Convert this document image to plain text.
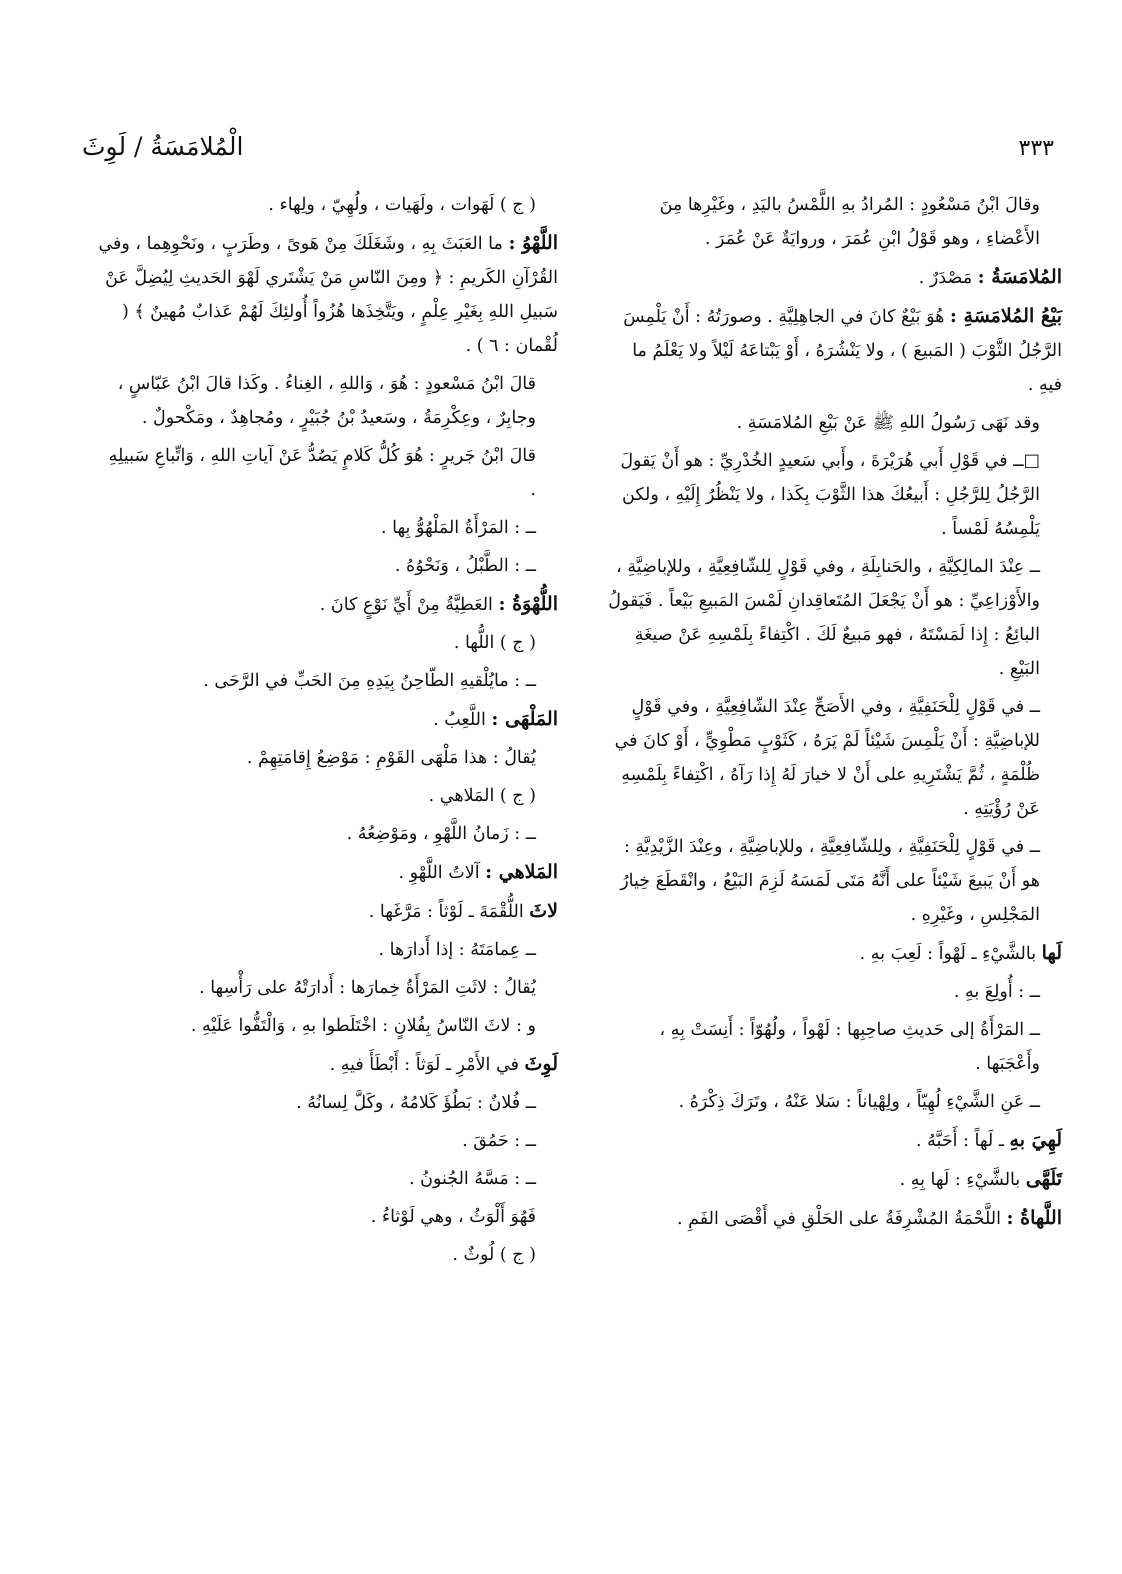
٣٣٣
الْمُلامَسَةُ / لَوِثَ
وقالَ ابْنُ مَسْعُودٍ : المُرادُ بهِ اللَّمْسُ باليَدِ ، وغَيْرِها مِنَ الأَعْضاءِ ، وهو قَوْلُ ابْنِ عُمَرَ ، وروايَةٌ عَنْ عُمَرَ .
المُلامَسَةُ : مَصْدَرٌ .
بَيْعُ المُلامَسَةِ : هُوَ بَيْعٌ كانَ في الجاهِلِيَّةِ . وصورَتُهُ : أَنْ يَلْمِسَ الرَّجُلُ الثَّوْبَ ( المَبيعَ ) ، ولا يَنْشُرَهُ ، أَوْ يَبْتاعَهُ لَيْلاً ولا يَعْلَمُ ما فيهِ .
وقد نَهَى رَسُولُ اللهِ ﷺ عَنْ بَيْعِ المُلامَسَةِ .
□ــ في قَوْلِ أَبي هُرَيْرَةَ ، وأَبي سَعيدٍ الخُدْرِيِّ : هو أَنْ يَقولَ الرَّجُلُ لِلرَّجُلِ : أَبيعُكَ هذا الثَّوْبَ بِكَذا ، ولا يَنْظُرُ إِلَيْهِ ، ولكن يَلْمِسُهُ لَمْساً .
ــ عِنْدَ المالِكِيَّةِ ، والحَنابِلَةِ ، وفي قَوْلٍ لِلشّافِعِيَّةِ ، وللإباضِيَّةِ ، والأَوْزاعِيِّ : هو أَنْ يَجْعَلَ المُتَعاقِدانِ لَمْسَ المَبيعِ بَيْعاً . فَيَقولُ البائِعُ : إِذا لَمَسْتَهُ ، فهو مَبيعٌ لَكَ . اكْتِفاءً بِلَمْسِهِ عَنْ صيغَةِ البَيْعِ .
ــ في قَوْلٍ لِلْحَنَفِيَّةِ ، وفي الأَصَحِّ عِنْدَ الشّافِعِيَّةِ ، وفي قَوْلٍ للإباضِيَّةِ : أَنْ يَلْمِسَ شَيْئاً لَمْ يَرَهُ ، كَثَوْبٍ مَطْوِيٍّ ، أَوْ كانَ في ظُلْمَةٍ ، ثُمَّ يَشْتَرِيهِ على أَنْ لا خيارَ لَهُ إِذا رَآهُ ، اكْتِفاءً بِلَمْسِهِ عَنْ رُؤْيَتِهِ .
ــ في قَوْلٍ لِلْحَنَفِيَّةِ ، ولِلشّافِعِيَّةِ ، وللإباضِيَّةِ ، وعِنْدَ الزَّيْدِيَّةِ : هو أَنْ يَبيعَ شَيْئاً على أَنَّهُ مَتَى لَمَسَهُ لَزِمَ البَيْعُ ، وانْقَطَعَ خِيارُ المَجْلِسِ ، وغَيْرِهِ .
لَها بالشَّيْءِ ـ لَهْواً : لَعِبَ بهِ .
ــ : أُولِعَ بهِ .
ــ المَرْأَةُ إلى حَديثِ صاحِبِها : لَهْواً ، ولُهُوّاً : أَنِسَتْ بِهِ ، وأَعْجَبَها .
ــ عَنِ الشَّيْءِ لُهِيّاً ، ولِهْياناً : سَلا عَنْهُ ، وتَرَكَ ذِكْرَهُ .
لَهِيَ بهِ ـ لَهاً : أَحَبَّهُ .
تَلَهَّى بالشَّيْءِ : لَها بِهِ .
اللَّهاةُ : اللَّحْمَةُ المُشْرِفَةُ على الحَلْقِ في أَقْصَى الفَمِ .
( ج ) لَهَوات ، ولَهَيات ، ولُهِيّ ، ولِهاء .
اللَّهْوُ : ما العَبَثَ بِهِ ، وشَغَلَكَ مِنْ هَوىً ، وطَرَبٍ ، ونَحْوِهِما ، وفي القُرْآنِ الكَريمِ : ﴿ ومِنَ النّاسِ مَنْ يَشْتَري لَهْوَ الحَديثِ لِيُضِلَّ عَنْ سَبيلِ اللهِ بِغَيْرِ عِلْمٍ ، ويَتَّخِذَها هُزُواً أُولئِكَ لَهُمْ عَذابٌ مُهينٌ ﴾ ( لُقْمان : ٦ ) .
قالَ ابْنُ مَسْعودٍ : هُوَ ، وَاللهِ ، الغِناءُ . وكَذا قالَ ابْنُ عَبّاسٍ ، وجابِرٌ ، وعِكْرِمَةُ ، وسَعيدُ بْنُ جُبَيْرٍ ، ومُجاهِدٌ ، ومَكْحولٌ .
قالَ ابْنُ جَريرٍ : هُوَ كُلُّ كَلامٍ يَصُدُّ عَنْ آياتِ اللهِ ، وَاتِّباعِ سَبيلِهِ .
ــ : المَرْأَةُ المَلْهُوُّ بِها .
ــ : الطَّبْلُ ، وَنَحْوُهُ .
اللُّهْوَةُ : العَطِيَّةُ مِنْ أَيِّ نَوْعٍ كانَ .
( ج ) اللُّها .
ــ : مايُلْقيهِ الطّاحِنُ بِيَدِهِ مِنَ الحَبِّ في الرَّحَى .
المَلْهَى : اللَّعِبُ .
يُقالُ : هذا مَلْهَى القَوْمِ : مَوْضِعُ إِقامَتِهِمْ .
( ج ) المَلاهي .
ــ : زَمانُ اللَّهْوِ ، ومَوْضِعُهُ .
المَلاهي : آلاتُ اللَّهْوِ .
لاثَ اللُّقْمَةَ ـ لَوْثاً : مَرَّغَها .
ــ عِمامَتَهُ : إذا أَدارَها .
يُقالُ : لاثَتِ المَرْأَةُ خِمارَها : أَدارَتْهُ على رَأْسِها .
و : لاثَ النّاسُ بِفُلانٍ : اخْتَلَطوا بهِ ، وَالْتَفُّوا عَلَيْهِ .
لَوِثَ في الأَمْرِ ـ لَوَثاً : أَبْطَأَ فيهِ .
ــ فُلانٌ : بَطُؤَ كَلامُهُ ، وكَلَّ لِسانُهُ .
ــ : حَمُقَ .
ــ : مَسَّهُ الجُنونُ .
فَهُوَ أَلْوَثُ ، وهي لَوْثاءُ .
( ج ) لُوثٌ .
